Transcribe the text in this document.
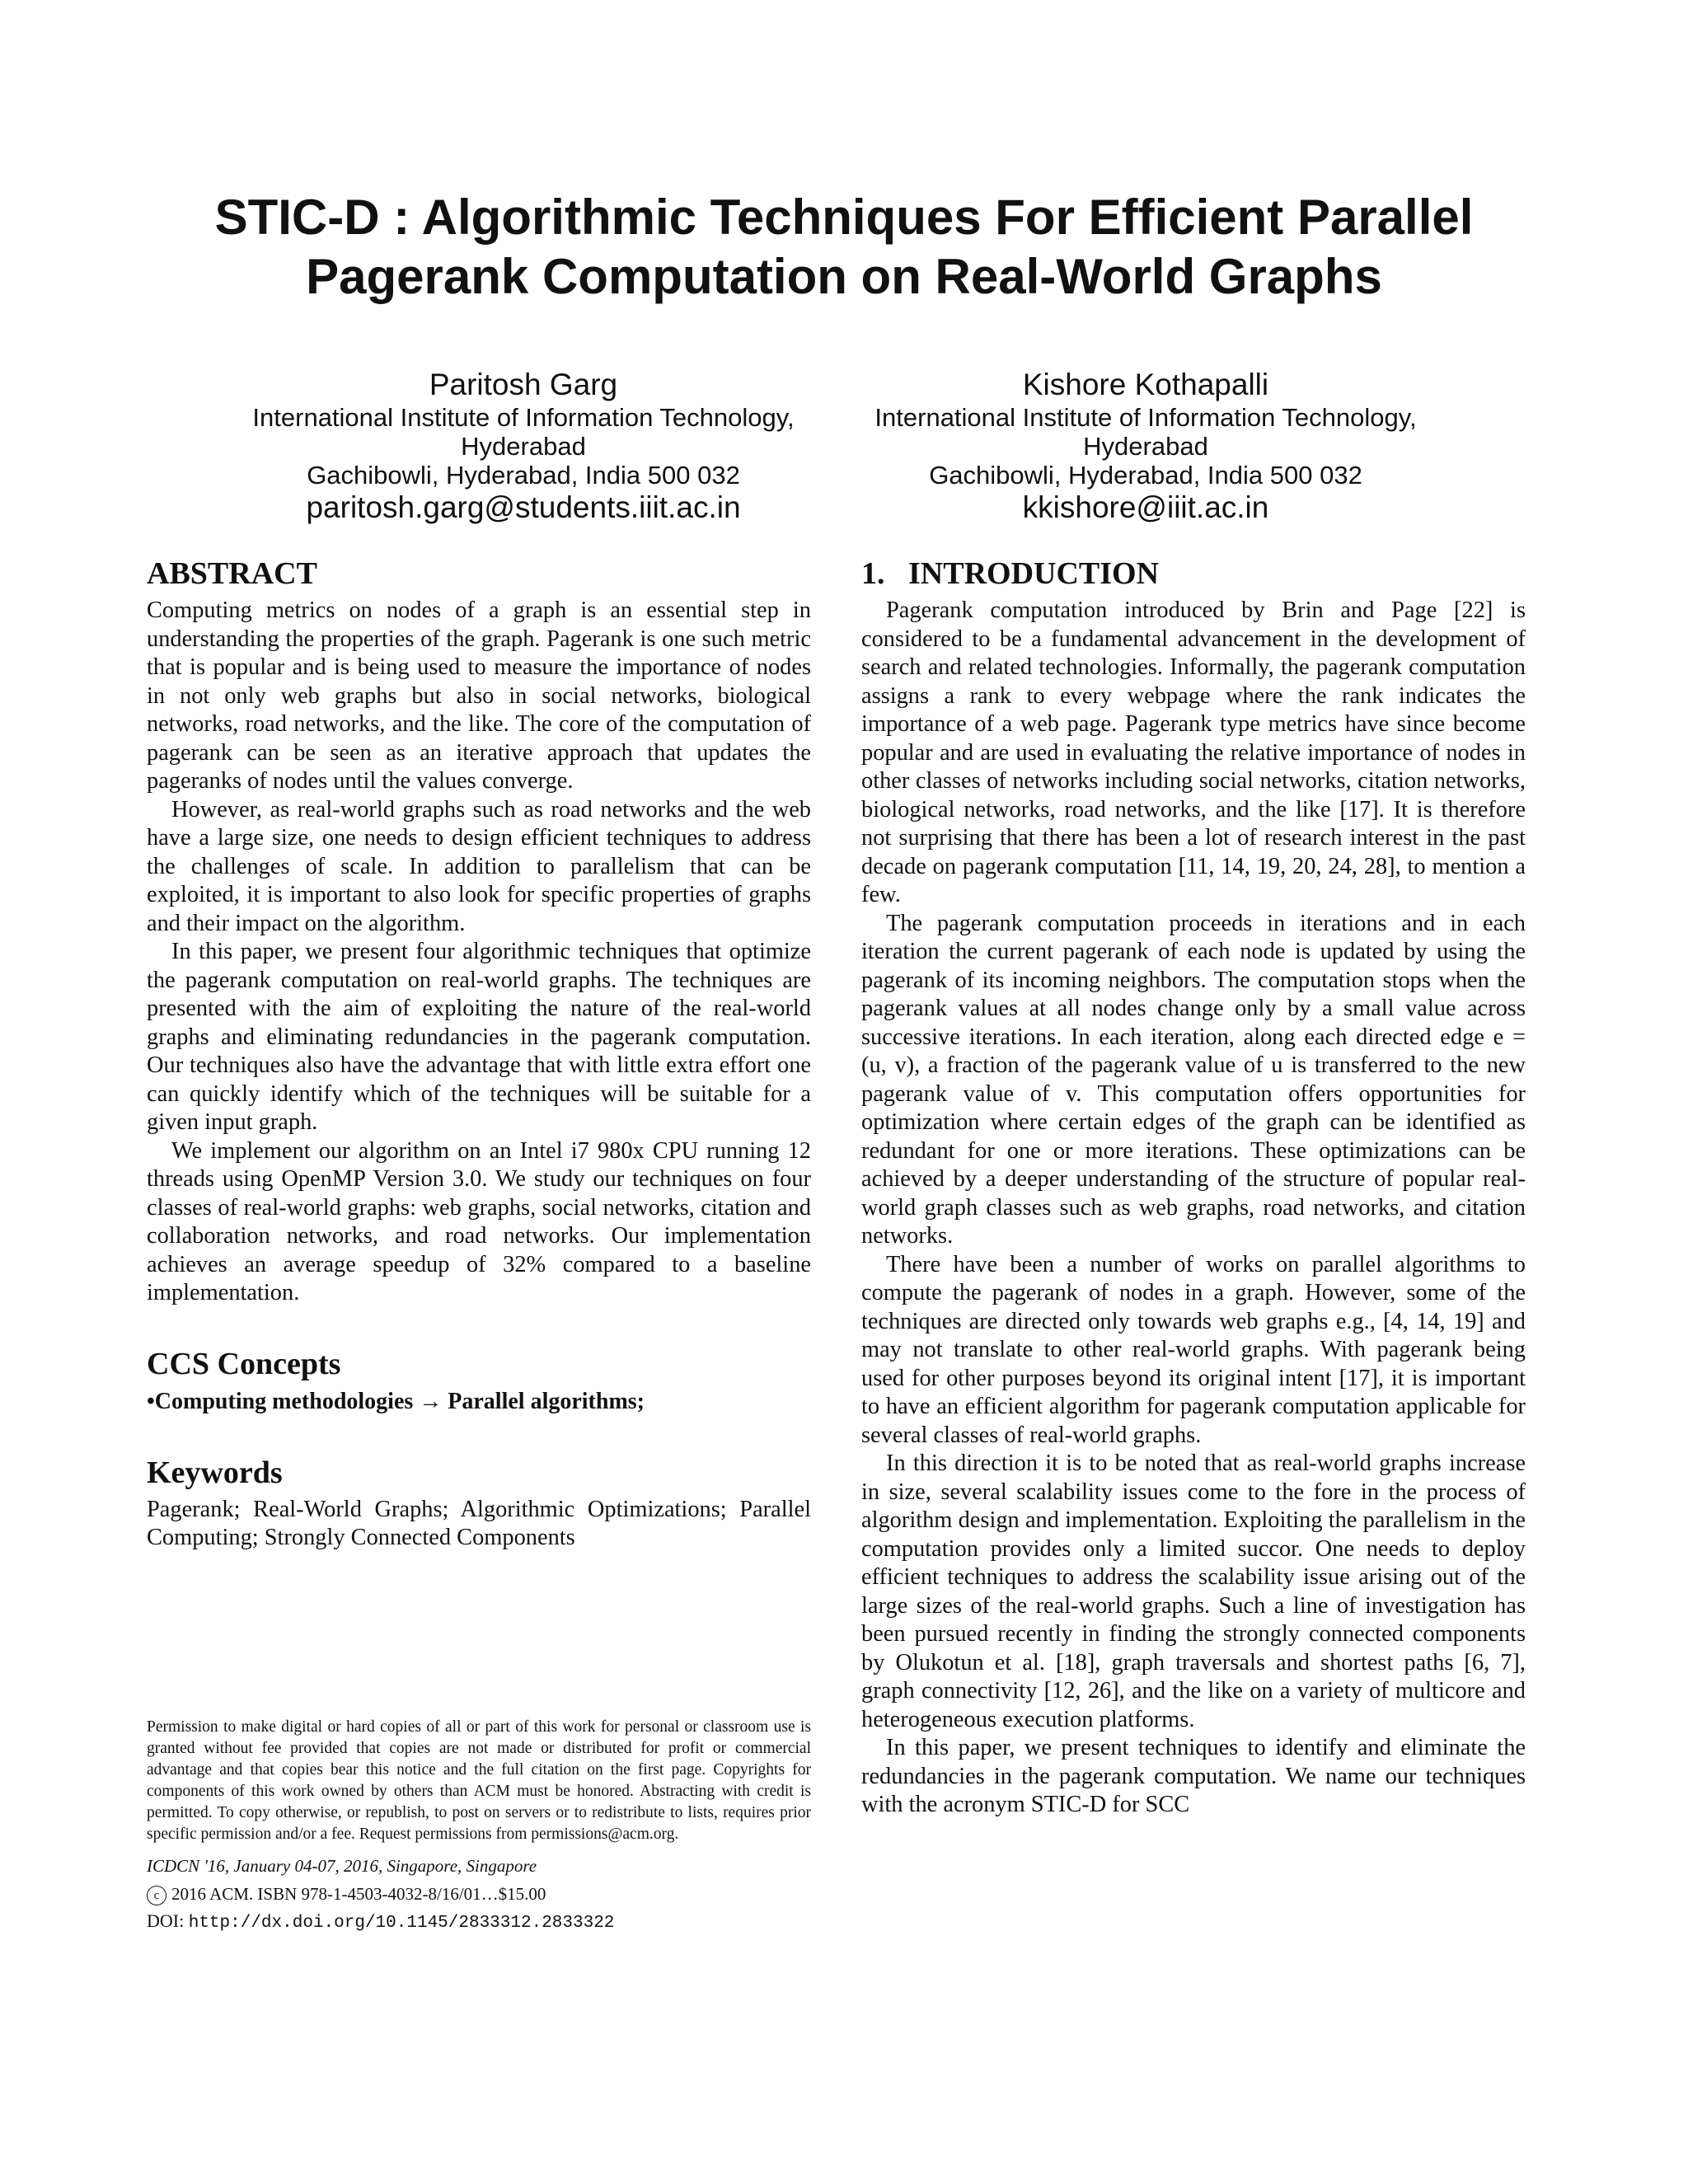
STIC-D : Algorithmic Techniques For Efficient Parallel Pagerank Computation on Real-World Graphs
Paritosh Garg
International Institute of Information Technology,
Hyderabad
Gachibowli, Hyderabad, India 500 032
paritosh.garg@students.iiit.ac.in
Kishore Kothapalli
International Institute of Information Technology,
Hyderabad
Gachibowli, Hyderabad, India 500 032
kkishore@iiit.ac.in
ABSTRACT

Computing metrics on nodes of a graph is an essential step in understanding the properties of the graph. Pagerank is one such metric that is popular and is being used to measure the importance of nodes in not only web graphs but also in social networks, biological networks, road networks, and the like. The core of the computation of pagerank can be seen as an iterative approach that updates the pageranks of nodes until the values converge.

However, as real-world graphs such as road networks and the web have a large size, one needs to design efficient techniques to address the challenges of scale. In addition to parallelism that can be exploited, it is important to also look for specific properties of graphs and their impact on the algorithm.

In this paper, we present four algorithmic techniques that optimize the pagerank computation on real-world graphs. The techniques are presented with the aim of exploiting the nature of the real-world graphs and eliminating redundancies in the pagerank computation. Our techniques also have the advantage that with little extra effort one can quickly identify which of the techniques will be suitable for a given input graph.

We implement our algorithm on an Intel i7 980x CPU running 12 threads using OpenMP Version 3.0. We study our techniques on four classes of real-world graphs: web graphs, social networks, citation and collaboration networks, and road networks. Our implementation achieves an average speedup of 32% compared to a baseline implementation.

CCS Concepts

•Computing methodologies → Parallel algorithms;

Keywords

Pagerank; Real-World Graphs; Algorithmic Optimizations; Parallel Computing; Strongly Connected Components

Permission to make digital or hard copies of all or part of this work for personal or classroom use is granted without fee provided that copies are not made or distributed for profit or commercial advantage and that copies bear this notice and the full citation on the first page. Copyrights for components of this work owned by others than ACM must be honored. Abstracting with credit is permitted. To copy otherwise, or republish, to post on servers or to redistribute to lists, requires prior specific permission and/or a fee. Request permissions from permissions@acm.org.

ICDCN '16, January 04-07, 2016, Singapore, Singapore
c 2016 ACM. ISBN 978-1-4503-4032-8/16/01…$15.00
DOI: http://dx.doi.org/10.1145/2833312.2833322
1.   INTRODUCTION

Pagerank computation introduced by Brin and Page [22] is considered to be a fundamental advancement in the development of search and related technologies. Informally, the pagerank computation assigns a rank to every webpage where the rank indicates the importance of a web page. Pagerank type metrics have since become popular and are used in evaluating the relative importance of nodes in other classes of networks including social networks, citation networks, biological networks, road networks, and the like [17]. It is therefore not surprising that there has been a lot of research interest in the past decade on pagerank computation [11, 14, 19, 20, 24, 28], to mention a few.

The pagerank computation proceeds in iterations and in each iteration the current pagerank of each node is updated by using the pagerank of its incoming neighbors. The computation stops when the pagerank values at all nodes change only by a small value across successive iterations. In each iteration, along each directed edge e = (u, v), a fraction of the pagerank value of u is transferred to the new pagerank value of v. This computation offers opportunities for optimization where certain edges of the graph can be identified as redundant for one or more iterations. These optimizations can be achieved by a deeper understanding of the structure of popular real-world graph classes such as web graphs, road networks, and citation networks.

There have been a number of works on parallel algorithms to compute the pagerank of nodes in a graph. However, some of the techniques are directed only towards web graphs e.g., [4, 14, 19] and may not translate to other real-world graphs. With pagerank being used for other purposes beyond its original intent [17], it is important to have an efficient algorithm for pagerank computation applicable for several classes of real-world graphs.

In this direction it is to be noted that as real-world graphs increase in size, several scalability issues come to the fore in the process of algorithm design and implementation. Exploiting the parallelism in the computation provides only a limited succor. One needs to deploy efficient techniques to address the scalability issue arising out of the large sizes of the real-world graphs. Such a line of investigation has been pursued recently in finding the strongly connected components by Olukotun et al. [18], graph traversals and shortest paths [6, 7], graph connectivity [12, 26], and the like on a variety of multicore and heterogeneous execution platforms.

In this paper, we present techniques to identify and eliminate the redundancies in the pagerank computation. We name our techniques with the acronym STIC-D for SCC
